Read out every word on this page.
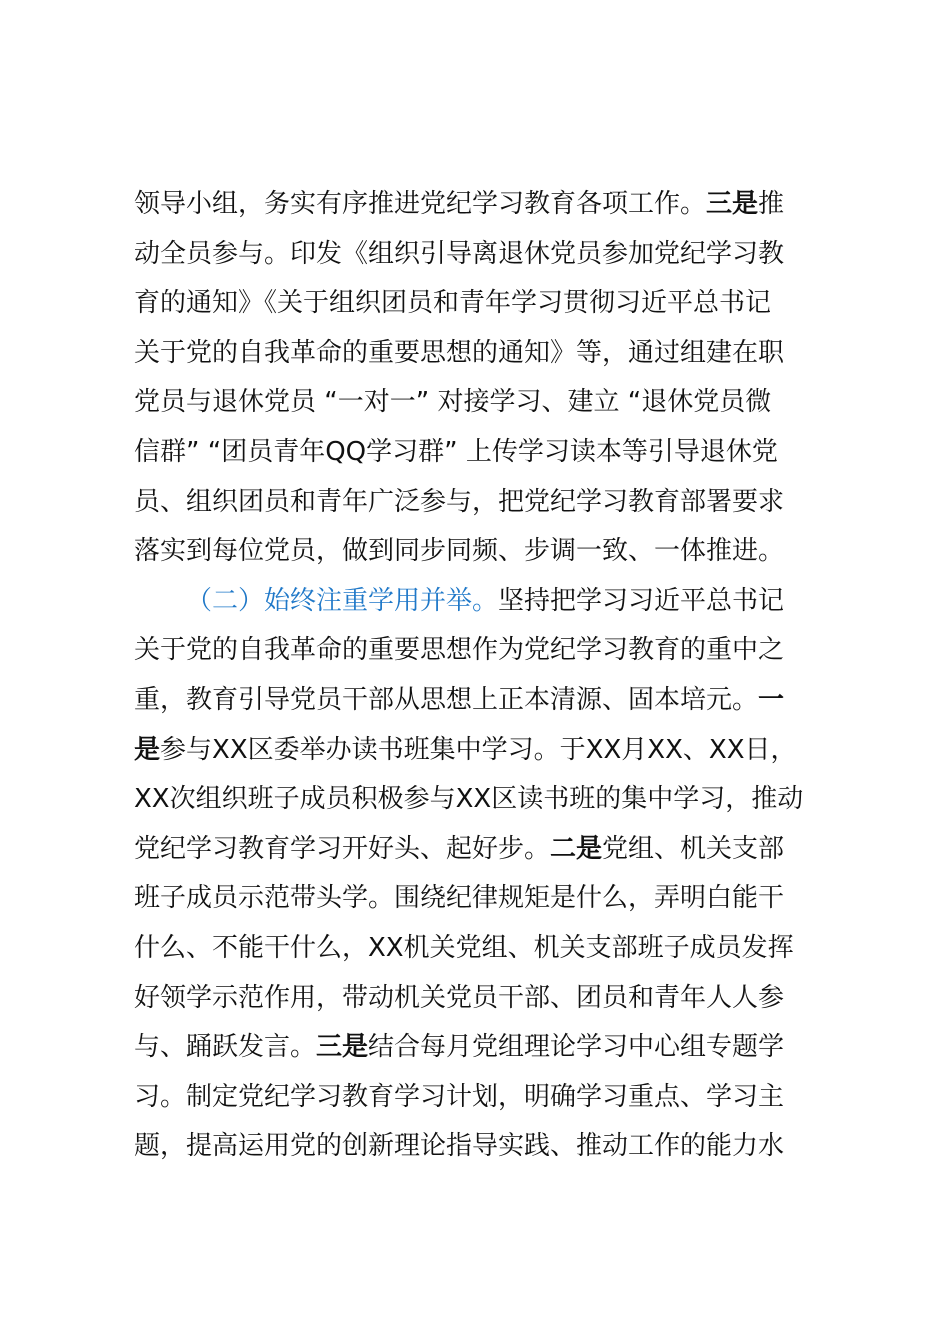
领导小组，务实有序推进党纪学习教育各项工作。三是推
动全员参与。印发《组织引导离退休党员参加党纪学习教
育的通知》《关于组织团员和青年学习贯彻习近平总书记
关于党的自我革命的重要思想的通知》等，通过组建在职
党员与退休党员 “一对一” 对接学习、建立 “退休党员微
信群” “团员青年QQ学习群” 上传学习读本等引导退休党
员、组织团员和青年广泛参与，把党纪学习教育部署要求
落实到每位党员，做到同步同频、步调一致、一体推进。
（二）始终注重学用并举。坚持把学习习近平总书记
关于党的自我革命的重要思想作为党纪学习教育的重中之
重，教育引导党员干部从思想上正本清源、固本培元。一
是参与XX区委举办读书班集中学习。于XX月XX、XX日，
XX次组织班子成员积极参与XX区读书班的集中学习，推动
党纪学习教育学习开好头、起好步。二是党组、机关支部
班子成员示范带头学。围绕纪律规矩是什么，弄明白能干
什么、不能干什么，XX机关党组、机关支部班子成员发挥
好领学示范作用，带动机关党员干部、团员和青年人人参
与、踊跃发言。三是结合每月党组理论学习中心组专题学
习。制定党纪学习教育学习计划，明确学习重点、学习主
题，提高运用党的创新理论指导实践、推动工作的能力水
